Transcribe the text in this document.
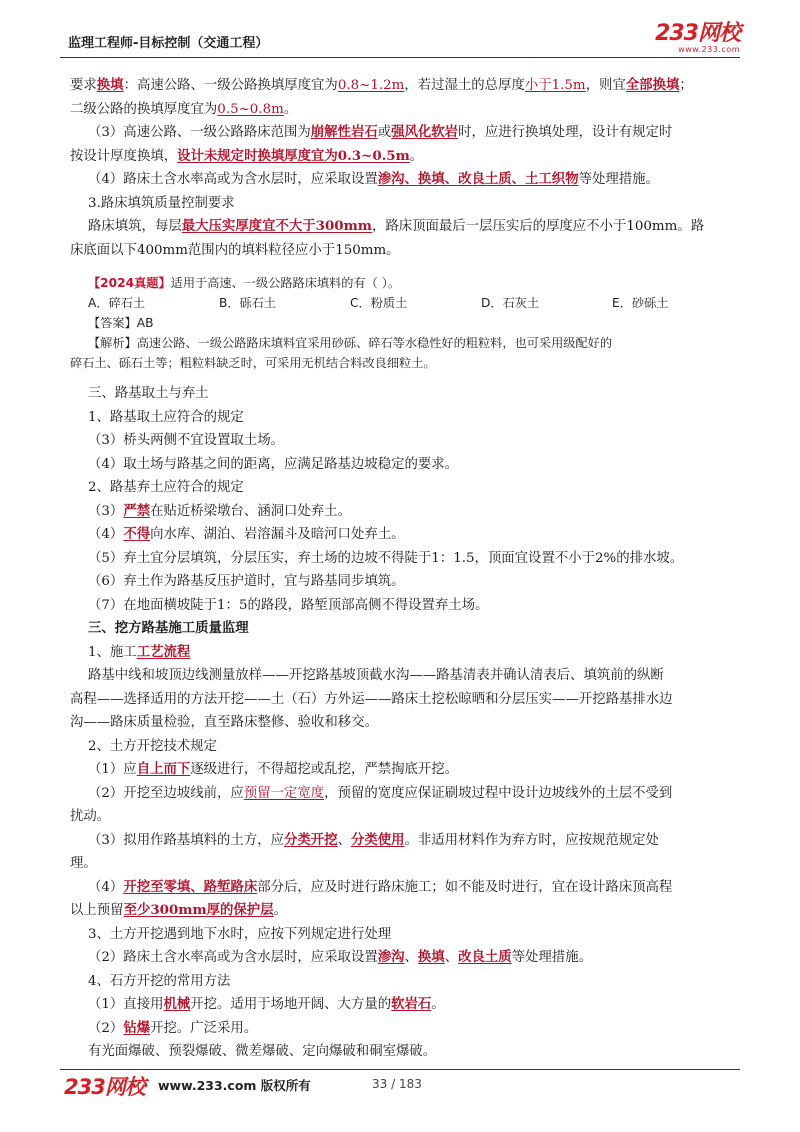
监理工程师-目标控制（交通工程）	233网校
www.233.com

要求换填：高速公路、一级公路换填厚度宜为0.8~1.2m，若过湿土的总厚度小于1.5m，则宜全部换填；

二级公路的换填厚度宜为0.5~0.8m。

（3）高速公路、一级公路路床范围为崩解性岩石或强风化软岩时，应进行换填处理，设计有规定时

按设计厚度换填，设计未规定时换填厚度宜为0.3~0.5m。

（4）路床土含水率高或为含水层时，应采取设置渗沟、换填、改良土质、土工织物等处理措施。

3.路床填筑质量控制要求

路床填筑，每层最大压实厚度宜不大于300mm，路床顶面最后一层压实后的厚度应不小于100mm。路

床底面以下400mm范围内的填料粒径应小于150mm。

【2024真题】适用于高速、一级公路路床填料的有（ ）。

A．碎石土	B．砾石土	C．粉质土	D．石灰土	E．砂砾土

【答案】AB

【解析】高速公路、一级公路路床填料宜采用砂砾、碎石等水稳性好的粗粒料，也可采用级配好的

碎石土、砾石土等；粗粒料缺乏时，可采用无机结合料改良细粒土。

三、路基取土与弃土

1、路基取土应符合的规定

（3）桥头两侧不宜设置取土场。

（4）取土场与路基之间的距离，应满足路基边坡稳定的要求。

2、路基弃土应符合的规定

（3）严禁在贴近桥梁墩台、涵洞口处弃土。

（4）不得向水库、湖泊、岩溶漏斗及暗河口处弃土。

（5）弃土宜分层填筑，分层压实，弃土场的边坡不得陡于1：1.5，顶面宜设置不小于2%的排水坡。

（6）弃土作为路基反压护道时，宜与路基同步填筑。

（7）在地面横坡陡于1：5的路段，路堑顶部高侧不得设置弃土场。

三、挖方路基施工质量监理

1、施工工艺流程

路基中线和坡顶边线测量放样——开挖路基坡顶截水沟——路基清表并确认清表后、填筑前的纵断

高程——选择适用的方法开挖——土（石）方外运——路床土挖松晾晒和分层压实——开挖路基排水边

沟——路床质量检验，直至路床整修、验收和移交。

2、土方开挖技术规定

（1）应自上而下逐级进行，不得超挖或乱挖，严禁掏底开挖。

（2）开挖至边坡线前，应预留一定宽度，预留的宽度应保证刷坡过程中设计边坡线外的土层不受到

扰动。

（3）拟用作路基填料的土方，应分类开挖、分类使用。非适用材料作为弃方时，应按规范规定处

理。

（4）开挖至零填、路堑路床部分后，应及时进行路床施工；如不能及时进行，宜在设计路床顶高程

以上预留至少300mm厚的保护层。

3、土方开挖遇到地下水时，应按下列规定进行处理

（2）路床土含水率高或为含水层时，应采取设置渗沟、换填、改良土质等处理措施。

4、石方开挖的常用方法

（1）直接用机械开挖。适用于场地开阔、大方量的软岩石。

（2）钻爆开挖。广泛采用。

有光面爆破、预裂爆破、微差爆破、定向爆破和硐室爆破。

233网校 www.233.com 版权所有	33 / 183
